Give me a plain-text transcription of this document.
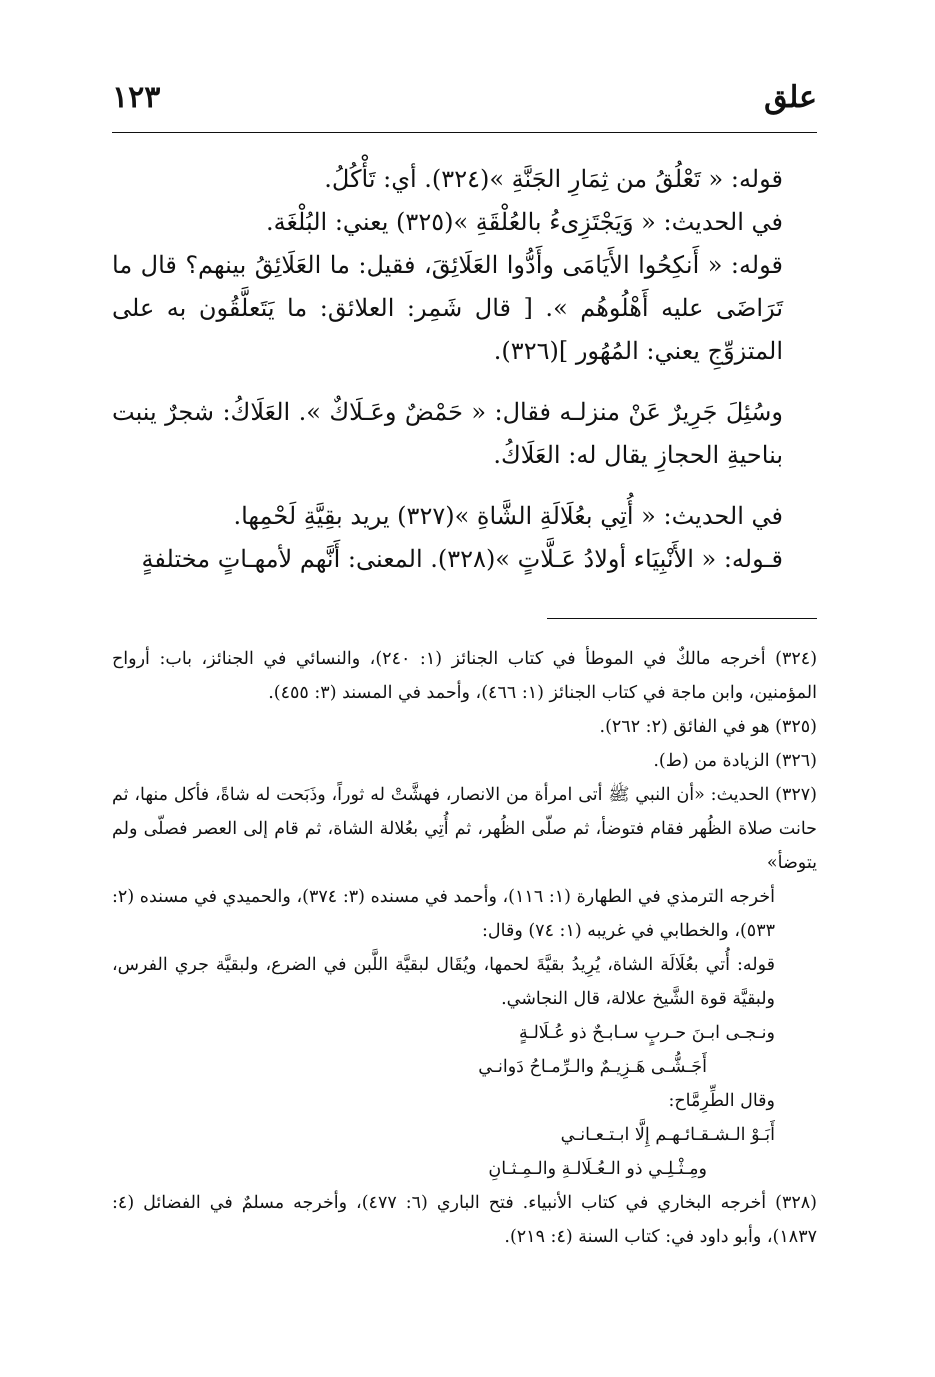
علق
١٢٣

قوله: « تَعْلُقُ من ثِمَارِ الجَنَّةِ »(٣٢٤). أي: تَأْكُلُ.

في الحديث: « وَيَجْتَزِىءُ بالعُلْقَةِ »(٣٢٥) يعني: البُلْغَة.

قوله: « أَنكِحُوا الأَيَامَى وأَدُّوا العَلَائِقَ، فقيل: ما العَلَائِقُ بينهم؟ قال ما تَرَاضَى عليه أَهْلُوهُم ». [ قال شَمِر: العلائق: ما يَتَعلَّقُون به على المتزوِّجِ يعني: المُهُور ](٣٢٦).

وسُئِلَ جَرِيرٌ عَنْ منزلـه فقال: « حَمْضٌ وعَـلَاكٌ ». العَلَاكُ: شجرٌ ينبت بناحيةِ الحجازِ يقال له: العَلَاكُ.

في الحديث: « أُتِي بعُلَالَةِ الشَّاةِ »(٣٢٧) يريد بقِيَّةِ لَحْمِها.

قـوله: « الأَنْبِيَاء أولادُ عَـلَّاتٍ »(٣٢٨). المعنى: أَنَّهم لأمهـاتٍ مختلفةٍ

(٣٢٤) أخرجه مالكٌ في الموطأ في كتاب الجنائز (١: ٢٤٠)، والنسائي في الجنائز، باب: أرواح المؤمنين، وابن ماجة في كتاب الجنائز (١: ٤٦٦)، وأحمد في المسند (٣: ٤٥٥).

(٣٢٥) هو في الفائق (٢: ٢٦٢).

(٣٢٦) الزيادة من (ط).

(٣٢٧) الحديث: «أن النبي ﷺ أتى امرأة من الانصار، فهشَّتْ له ثوراً، وذَبَحت له شاةً، فأكل منها، ثم حانت صلاة الظُهر فقام فتوضأ، ثم صلّى الظُهر، ثم أُتِي بعُلالة الشاة، ثم قام إلى العصر فصلّى ولم يتوضأ»

أخرجه الترمذي في الطهارة (١: ١١٦)، وأحمد في مسنده (٣: ٣٧٤)، والحميدي في مسنده (٢: ٥٣٣)، والخطابي في غريبه (١: ٧٤) وقال:

قوله: أُتي بعُلَالَة الشاة، يُرِيدُ بقيَّةَ لحمها، ويُقَال لبقيَّة اللَّبن في الضرع، ولبقيَّة جري الفرس، ولبقيَّة قوة الشَّيخ علالة، قال النجاشي.

ونـجـى ابـنَ حـربٍ سـابـحٌ ذو عُـلَالـةٍ

أَجَـشُّـى هَـزِيـمٌ والـرِّمـاحُ دَوانـي

وقال الطِّرِمَّاح:

أَبَـوْ الـشـقـائـهـم إِلَّا ابـتـعـانـي

ومِـثْـلِـي ذو الـعُـلَالـةِ والـمِـثـانِ

(٣٢٨) أخرجه البخاري في كتاب الأنبياء. فتح الباري (٦: ٤٧٧)، وأخرجه مسلمٌ في الفضائل (٤: ١٨٣٧)، وأبو داود في: كتاب السنة (٤: ٢١٩).
